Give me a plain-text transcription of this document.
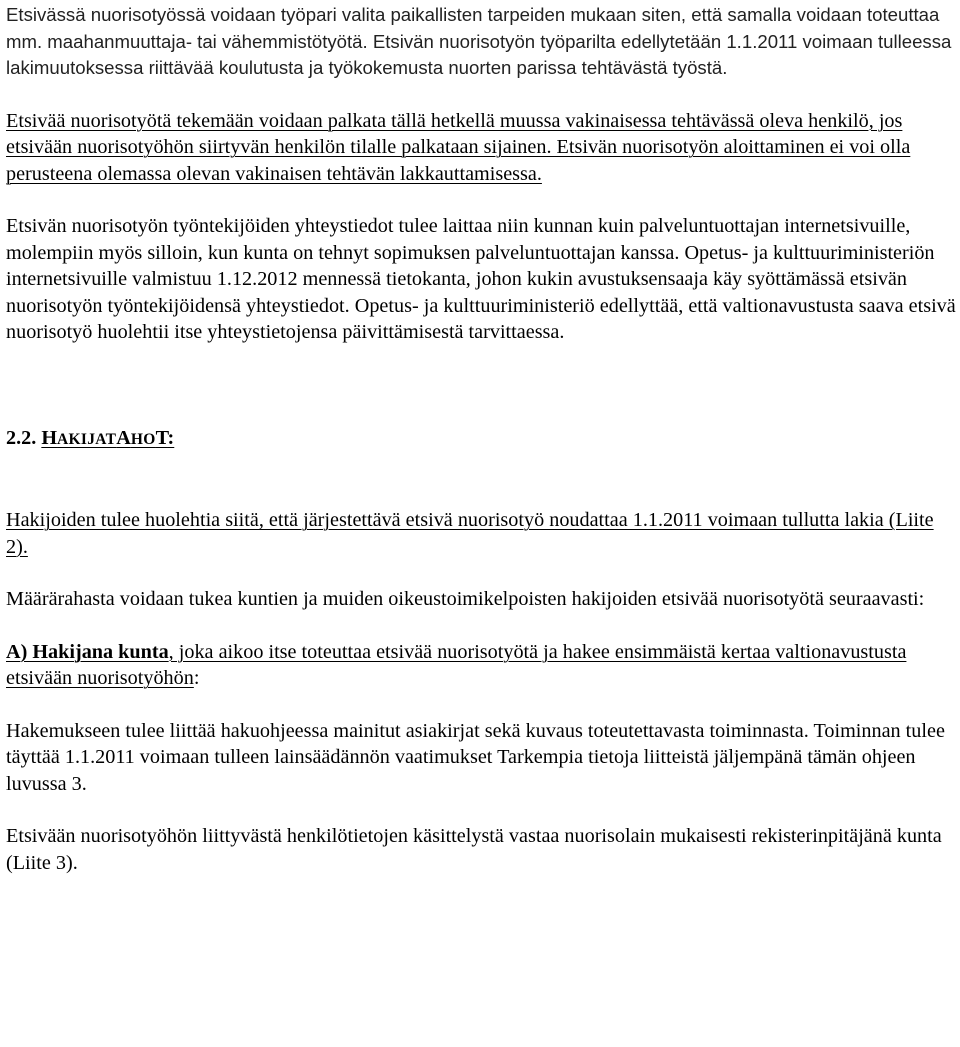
Etsivässä nuorisotyössä voidaan työpari valita paikallisten tarpeiden mukaan siten, että samalla voidaan toteuttaa mm. maahanmuuttaja- tai vähemmistötyötä. Etsivän nuorisotyön työparilta edellytetään 1.1.2011 voimaan tulleessa lakimuutoksessa riittävää koulutusta ja työkokemusta nuorten parissa tehtävästä työstä.

Etsivää nuorisotyötä tekemään voidaan palkata tällä hetkellä muussa vakinaisessa tehtävässä oleva henkilö, jos etsivään nuorisotyöhön siirtyvän henkilön tilalle palkataan sijainen. Etsivän nuorisotyön aloittaminen ei voi olla perusteena olemassa olevan vakinaisen tehtävän lakkauttamisessa.

Etsivän nuorisotyön työntekijöiden yhteystiedot tulee laittaa niin kunnan kuin palveluntuottajan internetsivuille, molempiin myös silloin, kun kunta on tehnyt sopimuksen palveluntuottajan kanssa. Opetus- ja kulttuuriministeriön internetsivuille valmistuu 1.12.2012 mennessä tietokanta, johon kukin avustuksensaaja käy syöttämässä etsivän nuorisotyön työntekijöidensä yhteystiedot. Opetus- ja kulttuuriministeriö edellyttää, että valtionavustusta saava etsivä nuorisotyö huolehtii itse yhteystietojensa päivittämisestä tarvittaessa.

2.2. HAKIJATAHOT:

Hakijoiden tulee huolehtia siitä, että järjestettävä etsivä nuorisotyö noudattaa 1.1.2011 voimaan tullutta lakia (Liite 2).

Määrärahasta voidaan tukea kuntien ja muiden oikeustoimikelpoisten hakijoiden etsivää nuorisotyötä seuraavasti:

A) Hakijana kunta, joka aikoo itse toteuttaa etsivää nuorisotyötä ja hakee ensimmäistä kertaa valtionavustusta etsivään nuorisotyöhön:

Hakemukseen tulee liittää hakuohjeessa mainitut asiakirjat sekä kuvaus toteutettavasta toiminnasta. Toiminnan tulee täyttää 1.1.2011 voimaan tulleen lainsäädännön vaatimukset Tarkempia tietoja liitteistä jäljempänä tämän ohjeen luvussa 3.

Etsivään nuorisotyöhön liittyvästä henkilötietojen käsittelystä vastaa nuorisolain mukaisesti rekisterinpitäjänä kunta (Liite 3).
